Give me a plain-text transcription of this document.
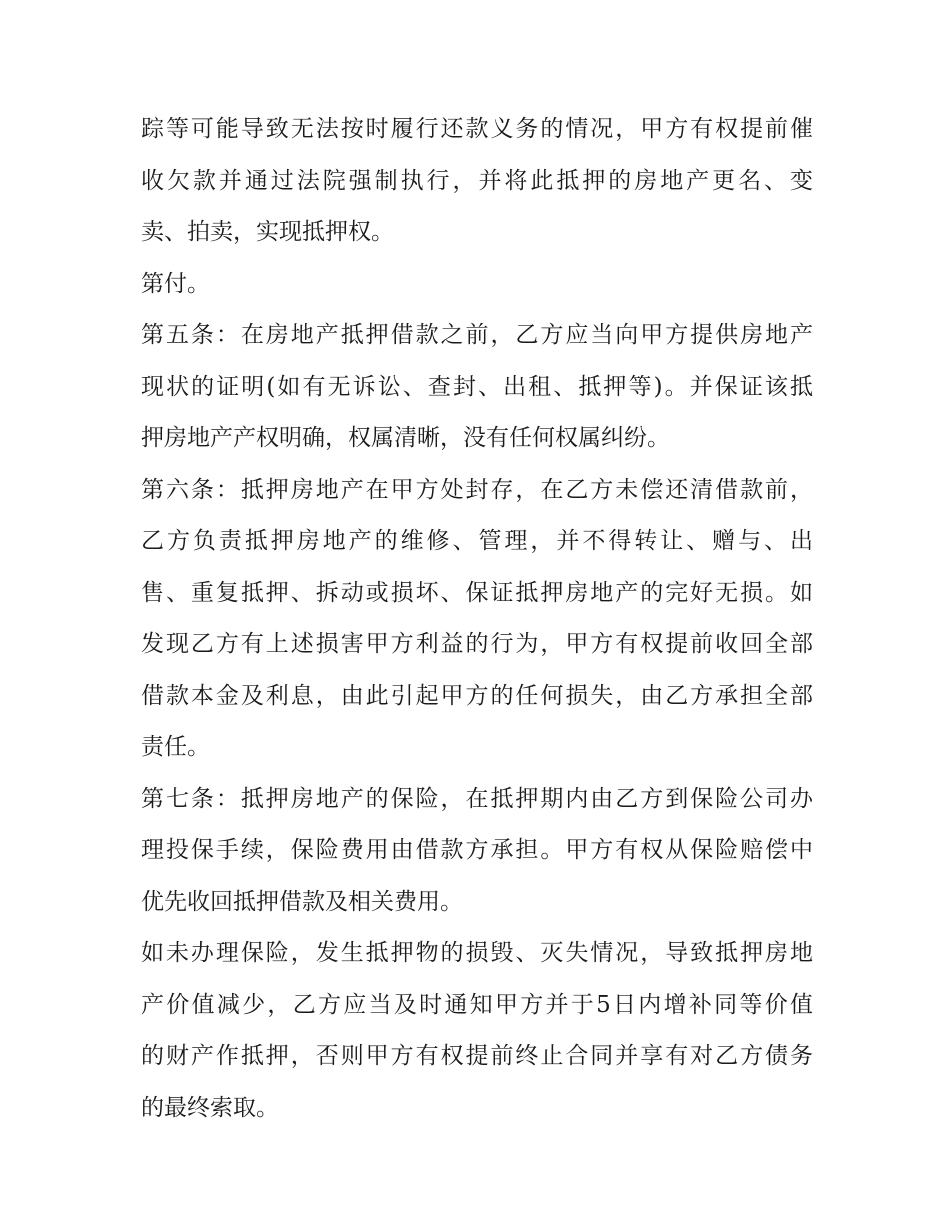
踪等可能导致无法按时履行还款义务的情况，甲方有权提前催
收欠款并通过法院强制执行，并将此抵押的房地产更名、变
卖、拍卖，实现抵押权。
第付。
第五条：在房地产抵押借款之前，乙方应当向甲方提供房地产
现状的证明(如有无诉讼、查封、出租、抵押等)。并保证该抵
押房地产产权明确，权属清晰，没有任何权属纠纷。
第六条：抵押房地产在甲方处封存，在乙方未偿还清借款前，
乙方负责抵押房地产的维修、管理，并不得转让、赠与、出
售、重复抵押、拆动或损坏、保证抵押房地产的完好无损。如
发现乙方有上述损害甲方利益的行为，甲方有权提前收回全部
借款本金及利息，由此引起甲方的任何损失，由乙方承担全部
责任。
第七条：抵押房地产的保险，在抵押期内由乙方到保险公司办
理投保手续，保险费用由借款方承担。甲方有权从保险赔偿中
优先收回抵押借款及相关费用。
如未办理保险，发生抵押物的损毁、灭失情况，导致抵押房地
产价值减少，乙方应当及时通知甲方并于5日内增补同等价值
的财产作抵押，否则甲方有权提前终止合同并享有对乙方债务
的最终索取。
